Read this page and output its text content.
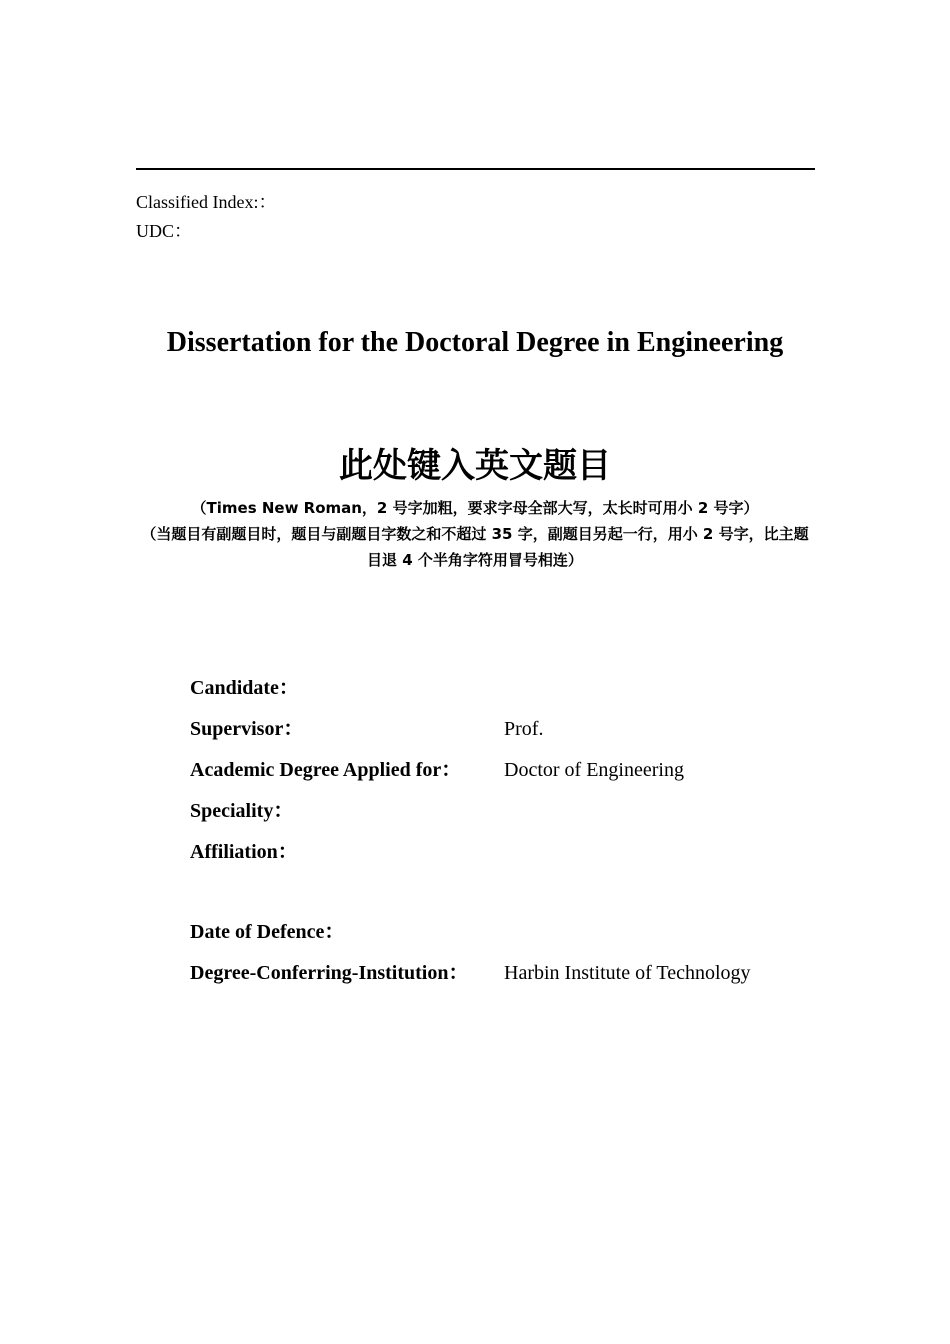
Classified Index:：
UDC：
Dissertation for the Doctoral Degree in Engineering
此处键入英文题目

（Times New Roman，2 号字加粗，要求字母全部大写，太长时可用小 2 号字）

（当题目有副题目时，题目与副题目字数之和不超过 35 字，副题目另起一行，用小 2 号字，比主题目退 4 个半角字符用冒号相连）

Candidate：
Supervisor：	Prof.
Academic Degree Applied for：	Doctor of Engineering
Speciality：
Affiliation：
Date of Defence：
Degree-Conferring-Institution：	Harbin Institute of Technology
